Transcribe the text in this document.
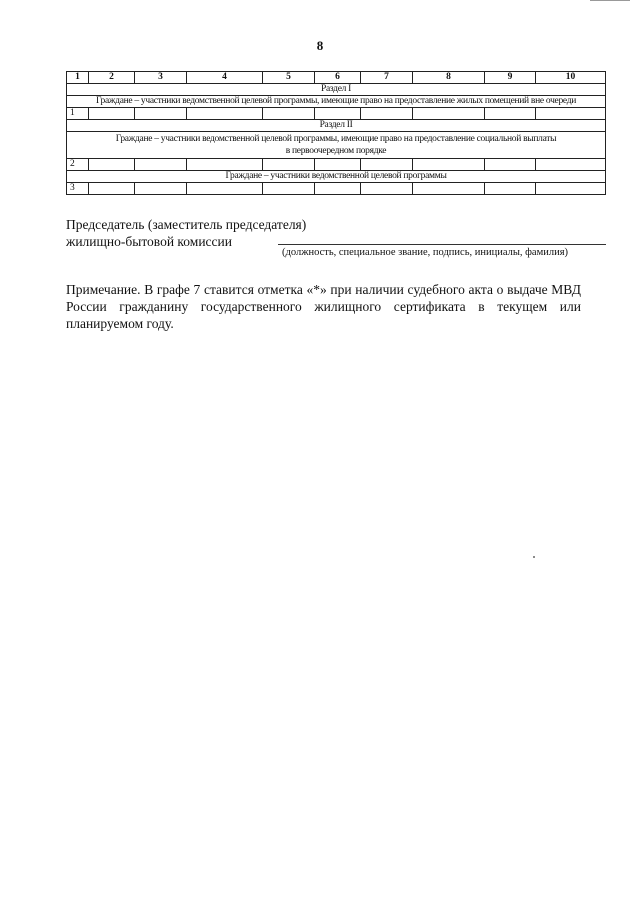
8
1	2	3	4	5	6	7	8	9	10
Раздел I									
Граждане – участники ведомственной целевой программы, имеющие право на предоставление жилых помещений вне очереди									
1									
Раздел II									
Граждане – участники ведомственной целевой программы, имеющие право на предоставление социальной выплаты
в первоочередном порядке									
2									
Граждане – участники ведомственной целевой программы									
3									
Председатель (заместитель председателя)
жилищно-бытовой комиссии
(должность, специальное звание, подпись, инициалы, фамилия)
Примечание. В графе 7 ставится отметка «*» при наличии судебного акта о выдаче МВД России гражданину государственного жилищного сертификата в текущем или планируемом году.
